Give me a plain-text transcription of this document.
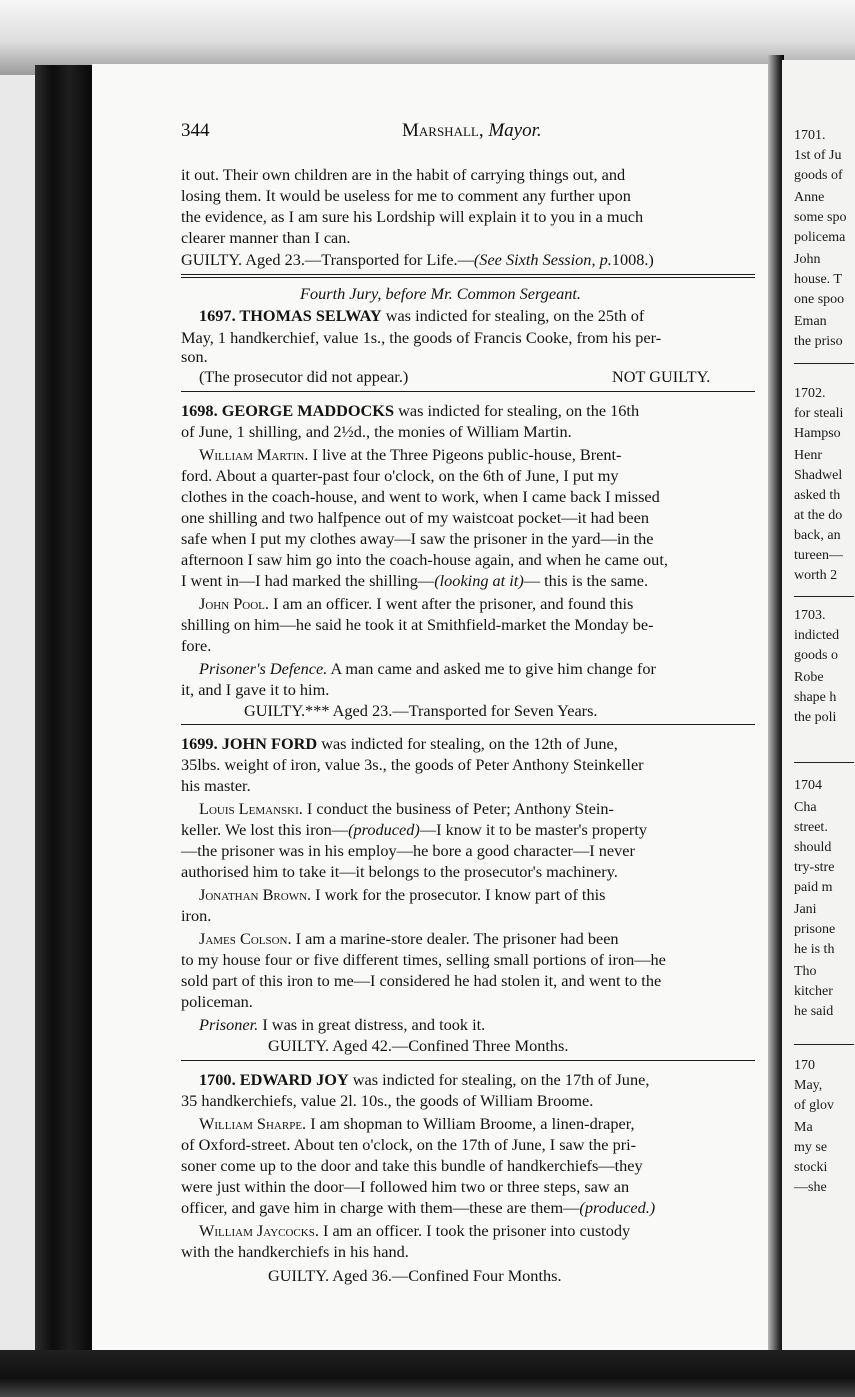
1701.
1st of Ju
goods of
Anne
some spo
policema
John
house. T
one spoo
Eman
the priso
1702.
for steali
Hampso
Henr
Shadwel
asked th
at the do
back, an
tureen—
worth 2
1703.
indicted
goods o
Robe
shape h
the poli
1704
Cha
street.
should
try-stre
paid m
Jani
prisone
he is th
Tho
kitcher
he said
170
May,
of glov
Ma
my se
stocki
—she
344	Marshall, Mayor.
it out. Their own children are in the habit of carrying things out, and
losing them. It would be useless for me to comment any further upon
the evidence, as I am sure his Lordship will explain it to you in a much
clearer manner than I can.
GUILTY. Aged 23.—Transported for Life.—(See Sixth Session, p.1008.)
Fourth Jury, before Mr. Common Sergeant.
1697. THOMAS SELWAY was indicted for stealing, on the 25th of
May, 1 handkerchief, value 1s., the goods of Francis Cooke, from his per-
son.
(The prosecutor did not appear.)	NOT GUILTY.
1698. GEORGE MADDOCKS was indicted for stealing, on the 16th
of June, 1 shilling, and 2½d., the monies of William Martin.
William Martin. I live at the Three Pigeons public-house, Brent-
ford. About a quarter-past four o'clock, on the 6th of June, I put my
clothes in the coach-house, and went to work, when I came back I missed
one shilling and two halfpence out of my waistcoat pocket—it had been
safe when I put my clothes away—I saw the prisoner in the yard—in the
afternoon I saw him go into the coach-house again, and when he came out,
I went in—I had marked the shilling—(looking at it)— this is the same.
John Pool. I am an officer. I went after the prisoner, and found this
shilling on him—he said he took it at Smithfield-market the Monday be-
fore.
Prisoner's Defence. A man came and asked me to give him change for
it, and I gave it to him.
GUILTY.*** Aged 23.—Transported for Seven Years.
1699. JOHN FORD was indicted for stealing, on the 12th of June,
35lbs. weight of iron, value 3s., the goods of Peter Anthony Steinkeller
his master.
Louis Lemanski. I conduct the business of Peter; Anthony Stein-
keller. We lost this iron—(produced)—I know it to be master's property
—the prisoner was in his employ—he bore a good character—I never
authorised him to take it—it belongs to the prosecutor's machinery.
Jonathan Brown. I work for the prosecutor. I know part of this
iron.
James Colson. I am a marine-store dealer. The prisoner had been
to my house four or five different times, selling small portions of iron—he
sold part of this iron to me—I considered he had stolen it, and went to the
policeman.
Prisoner. I was in great distress, and took it.
GUILTY. Aged 42.—Confined Three Months.
1700. EDWARD JOY was indicted for stealing, on the 17th of June,
35 handkerchiefs, value 2l. 10s., the goods of William Broome.
William Sharpe. I am shopman to William Broome, a linen-draper,
of Oxford-street. About ten o'clock, on the 17th of June, I saw the pri-
soner come up to the door and take this bundle of handkerchiefs—they
were just within the door—I followed him two or three steps, saw an
officer, and gave him in charge with them—these are them—(produced.)
William Jaycocks. I am an officer. I took the prisoner into custody
with the handkerchiefs in his hand.
GUILTY. Aged 36.—Confined Four Months.
